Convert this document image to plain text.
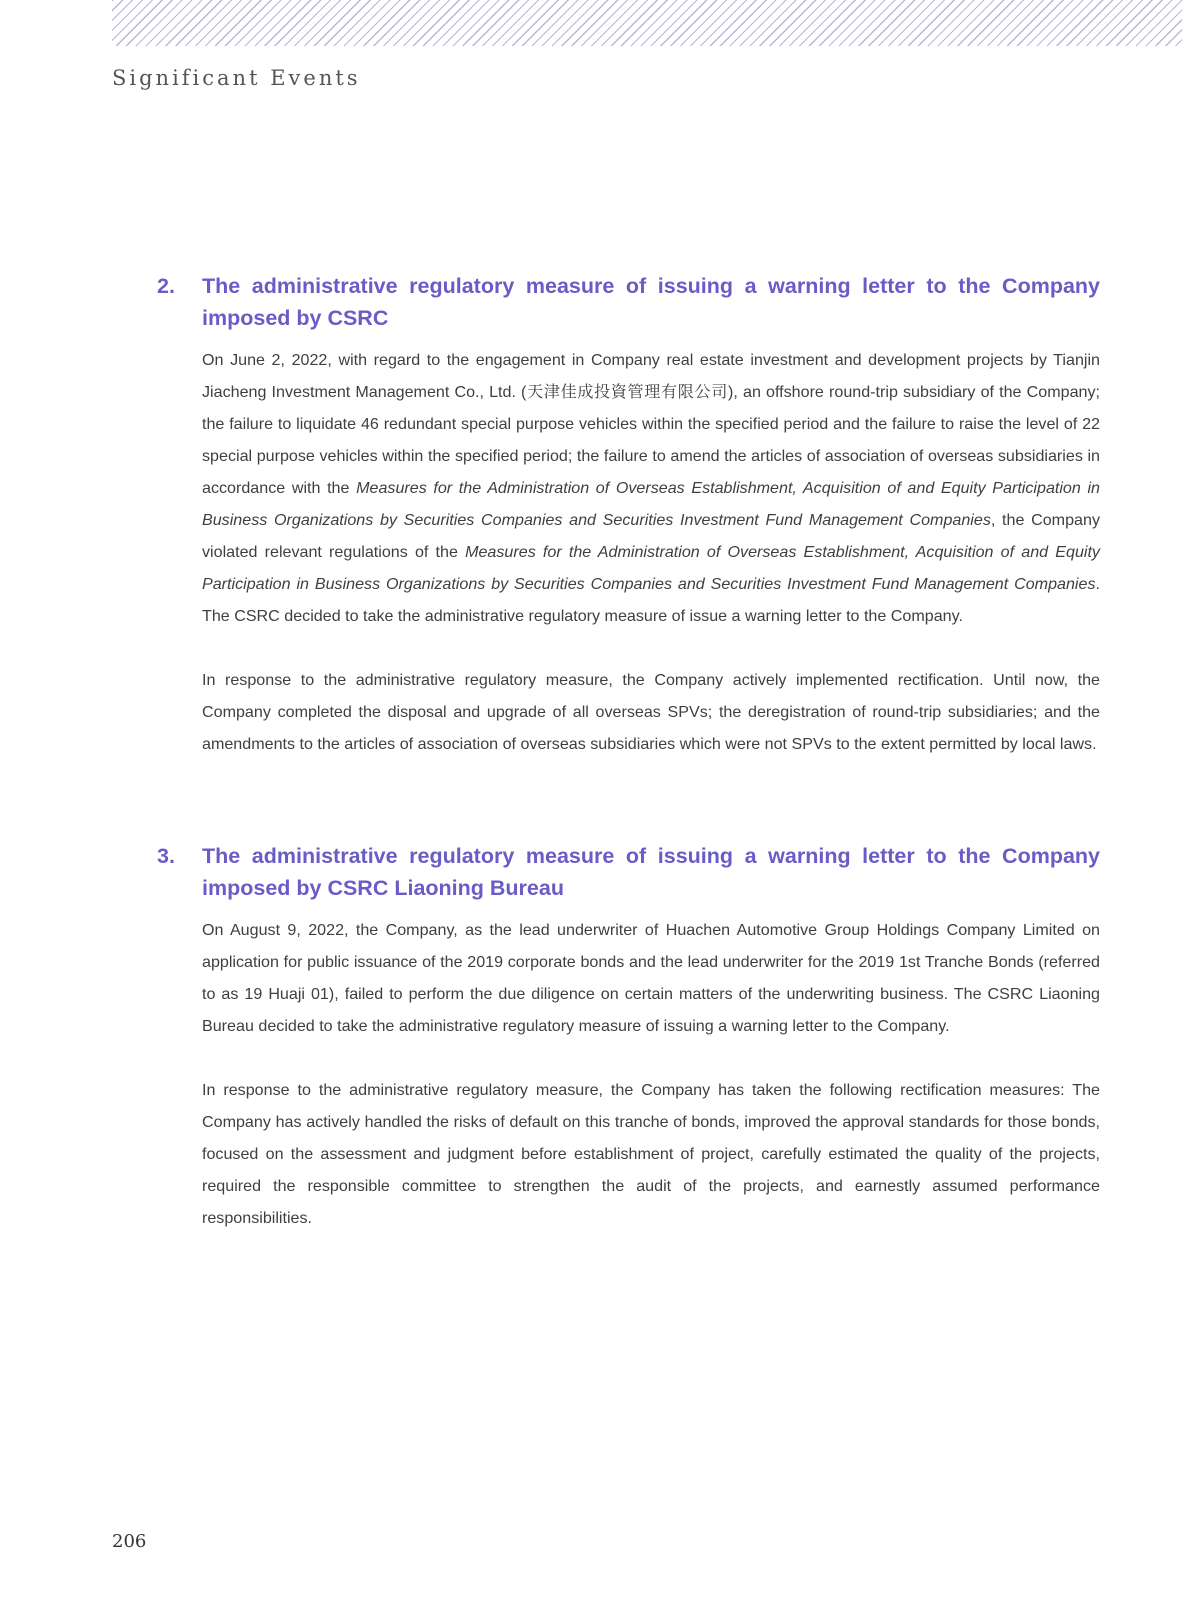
Significant Events
2. The administrative regulatory measure of issuing a warning letter to the Company imposed by CSRC

On June 2, 2022, with regard to the engagement in Company real estate investment and development projects by Tianjin Jiacheng Investment Management Co., Ltd. (天津佳成投資管理有限公司), an offshore round-trip subsidiary of the Company; the failure to liquidate 46 redundant special purpose vehicles within the specified period and the failure to raise the level of 22 special purpose vehicles within the specified period; the failure to amend the articles of association of overseas subsidiaries in accordance with the Measures for the Administration of Overseas Establishment, Acquisition of and Equity Participation in Business Organizations by Securities Companies and Securities Investment Fund Management Companies, the Company violated relevant regulations of the Measures for the Administration of Overseas Establishment, Acquisition of and Equity Participation in Business Organizations by Securities Companies and Securities Investment Fund Management Companies. The CSRC decided to take the administrative regulatory measure of issue a warning letter to the Company.

In response to the administrative regulatory measure, the Company actively implemented rectification. Until now, the Company completed the disposal and upgrade of all overseas SPVs; the deregistration of round-trip subsidiaries; and the amendments to the articles of association of overseas subsidiaries which were not SPVs to the extent permitted by local laws.

3. The administrative regulatory measure of issuing a warning letter to the Company imposed by CSRC Liaoning Bureau

On August 9, 2022, the Company, as the lead underwriter of Huachen Automotive Group Holdings Company Limited on application for public issuance of the 2019 corporate bonds and the lead underwriter for the 2019 1st Tranche Bonds (referred to as 19 Huaji 01), failed to perform the due diligence on certain matters of the underwriting business. The CSRC Liaoning Bureau decided to take the administrative regulatory measure of issuing a warning letter to the Company.

In response to the administrative regulatory measure, the Company has taken the following rectification measures: The Company has actively handled the risks of default on this tranche of bonds, improved the approval standards for those bonds, focused on the assessment and judgment before establishment of project, carefully estimated the quality of the projects, required the responsible committee to strengthen the audit of the projects, and earnestly assumed performance responsibilities.

206
